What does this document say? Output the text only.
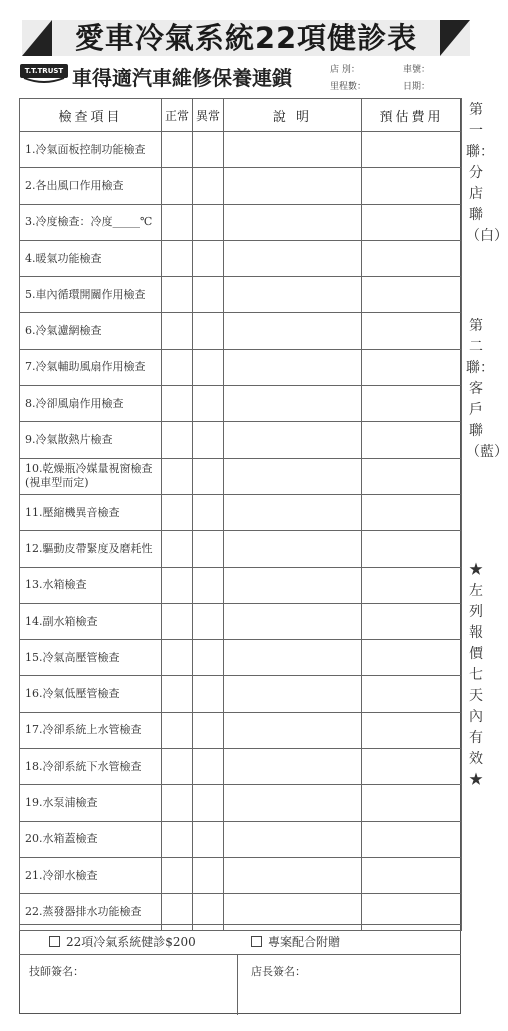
愛車冷氣系統22項健診表
T.T.TRUST 車得適汽車維修保養連鎖	店 別：	車號：
里程數：	日期：
檢查項目	正常	異常	說 明	預估費用
1.冷氣面板控制功能檢查				
2.各出風口作用檢查				
3.冷度檢查：冷度_____℃				
4.暖氣功能檢查				
5.車內循環開關作用檢查				
6.冷氣濾網檢查				
7.冷氣輔助風扇作用檢查				
8.冷卻風扇作用檢查				
9.冷氣散熱片檢查				
10.乾燥瓶冷媒量視窗檢查
(視車型而定)				
11.壓縮機異音檢查				
12.驅動皮帶緊度及磨耗性				
13.水箱檢查				
14.副水箱檢查				
15.冷氣高壓管檢查				
16.冷氣低壓管檢查				
17.冷卻系統上水管檢查				
18.冷卻系統下水管檢查				
19.水泵浦檢查				
20.水箱蓋檢查				
21.冷卻水檢查				
22.蒸發器排水功能檢查				
22項冷氣系統健診$200	專案配合附贈
技師簽名：	店長簽名：
第一聯：分店聯（白）
第二聯：客戶聯（藍）
★左列報價七天內有效★
